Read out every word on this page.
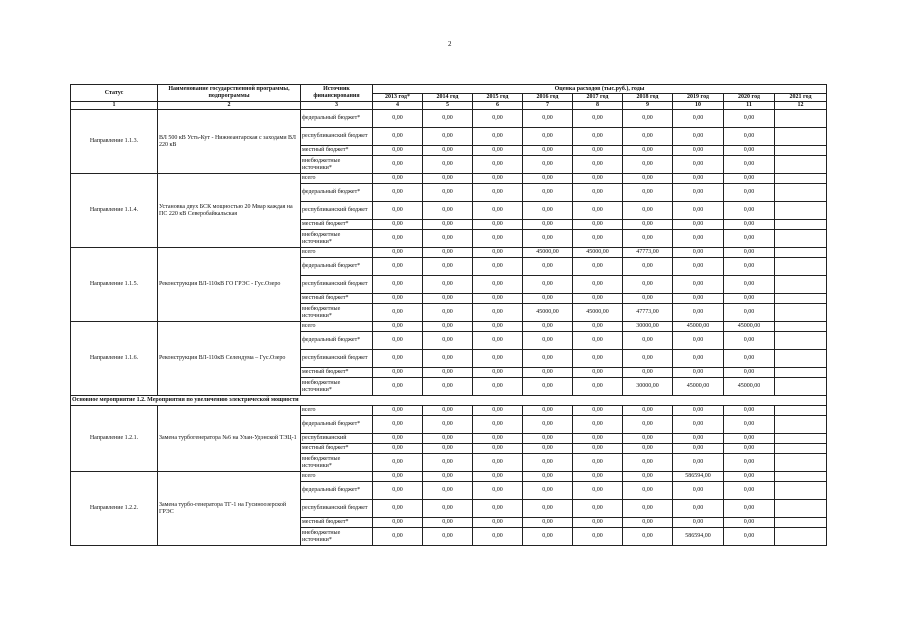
2
Статус	Наименование государственной программы, подпрограммы	Источник финансирования	Оценка расходов (тыс.руб.), годы								
			2013 год*	2014 год	2015 год	2016 год	2017 год	2018 год	2019 год	2020 год	2021 год
1	2	3	4	5	6	7	8	9	10	11	12
Направление 1.1.3.	ВЛ 500 кВ Усть-Кут - Нижнеангарская с заходами ВЛ 220 кВ	федеральный бюджет*	0,00	0,00	0,00	0,00	0,00	0,00	0,00	0,00	
		республиканский бюджет	0,00	0,00	0,00	0,00	0,00	0,00	0,00	0,00	
		местный бюджет*	0,00	0,00	0,00	0,00	0,00	0,00	0,00	0,00	
		внебюджетные источники*	0,00	0,00	0,00	0,00	0,00	0,00	0,00	0,00	
Направление 1.1.4.	Установка двух БСК мощностью 20 Мвар каждая на ПС 220 кВ Северобайкальская	всего	0,00	0,00	0,00	0,00	0,00	0,00	0,00	0,00	
		федеральный бюджет*	0,00	0,00	0,00	0,00	0,00	0,00	0,00	0,00	
		республиканский бюджет	0,00	0,00	0,00	0,00	0,00	0,00	0,00	0,00	
		местный бюджет*	0,00	0,00	0,00	0,00	0,00	0,00	0,00	0,00	
		внебюджетные источники*	0,00	0,00	0,00	0,00	0,00	0,00	0,00	0,00	
Направление 1.1.5.	Реконструкция ВЛ-110кВ ГО ГРЭС - Гус.Озеро	всего	0,00	0,00	0,00	45000,00	45000,00	47773,00	0,00	0,00	
		федеральный бюджет*	0,00	0,00	0,00	0,00	0,00	0,00	0,00	0,00	
		республиканский бюджет	0,00	0,00	0,00	0,00	0,00	0,00	0,00	0,00	
		местный бюджет*	0,00	0,00	0,00	0,00	0,00	0,00	0,00	0,00	
		внебюджетные источники*	0,00	0,00	0,00	45000,00	45000,00	47773,00	0,00	0,00	
Направление 1.1.6.	Реконструкция ВЛ-110кВ Селендума – Гус.Озеро	всего	0,00	0,00	0,00	0,00	0,00	30000,00	45000,00	45000,00	
		федеральный бюджет*	0,00	0,00	0,00	0,00	0,00	0,00	0,00	0,00	
		республиканский бюджет	0,00	0,00	0,00	0,00	0,00	0,00	0,00	0,00	
		местный бюджет*	0,00	0,00	0,00	0,00	0,00	0,00	0,00	0,00	
		внебюджетные источники*	0,00	0,00	0,00	0,00	0,00	30000,00	45000,00	45000,00	
Основное мероприятие 1.2. Мероприятия по увеличению электрической мощности											
Направление 1.2.1.	Замена турбогенератора №6 на Улан-Удэнской ТЭЦ-1	всего	0,00	0,00	0,00	0,00	0,00	0,00	0,00	0,00	
		федеральный бюджет*	0,00	0,00	0,00	0,00	0,00	0,00	0,00	0,00	
		республиканский	0,00	0,00	0,00	0,00	0,00	0,00	0,00	0,00	
		местный бюджет*	0,00	0,00	0,00	0,00	0,00	0,00	0,00	0,00	
		внебюджетные источники*	0,00	0,00	0,00	0,00	0,00	0,00	0,00	0,00	
Направление 1.2.2.	Замена турбо-генератора ТГ-1 на Гусиноозерской ГРЭС	всего	0,00	0,00	0,00	0,00	0,00	0,00	586594,00	0,00	
		федеральный бюджет*	0,00	0,00	0,00	0,00	0,00	0,00	0,00	0,00	
		республиканский бюджет	0,00	0,00	0,00	0,00	0,00	0,00	0,00	0,00	
		местный бюджет*	0,00	0,00	0,00	0,00	0,00	0,00	0,00	0,00	
		внебюджетные источники*	0,00	0,00	0,00	0,00	0,00	0,00	586594,00	0,00	
